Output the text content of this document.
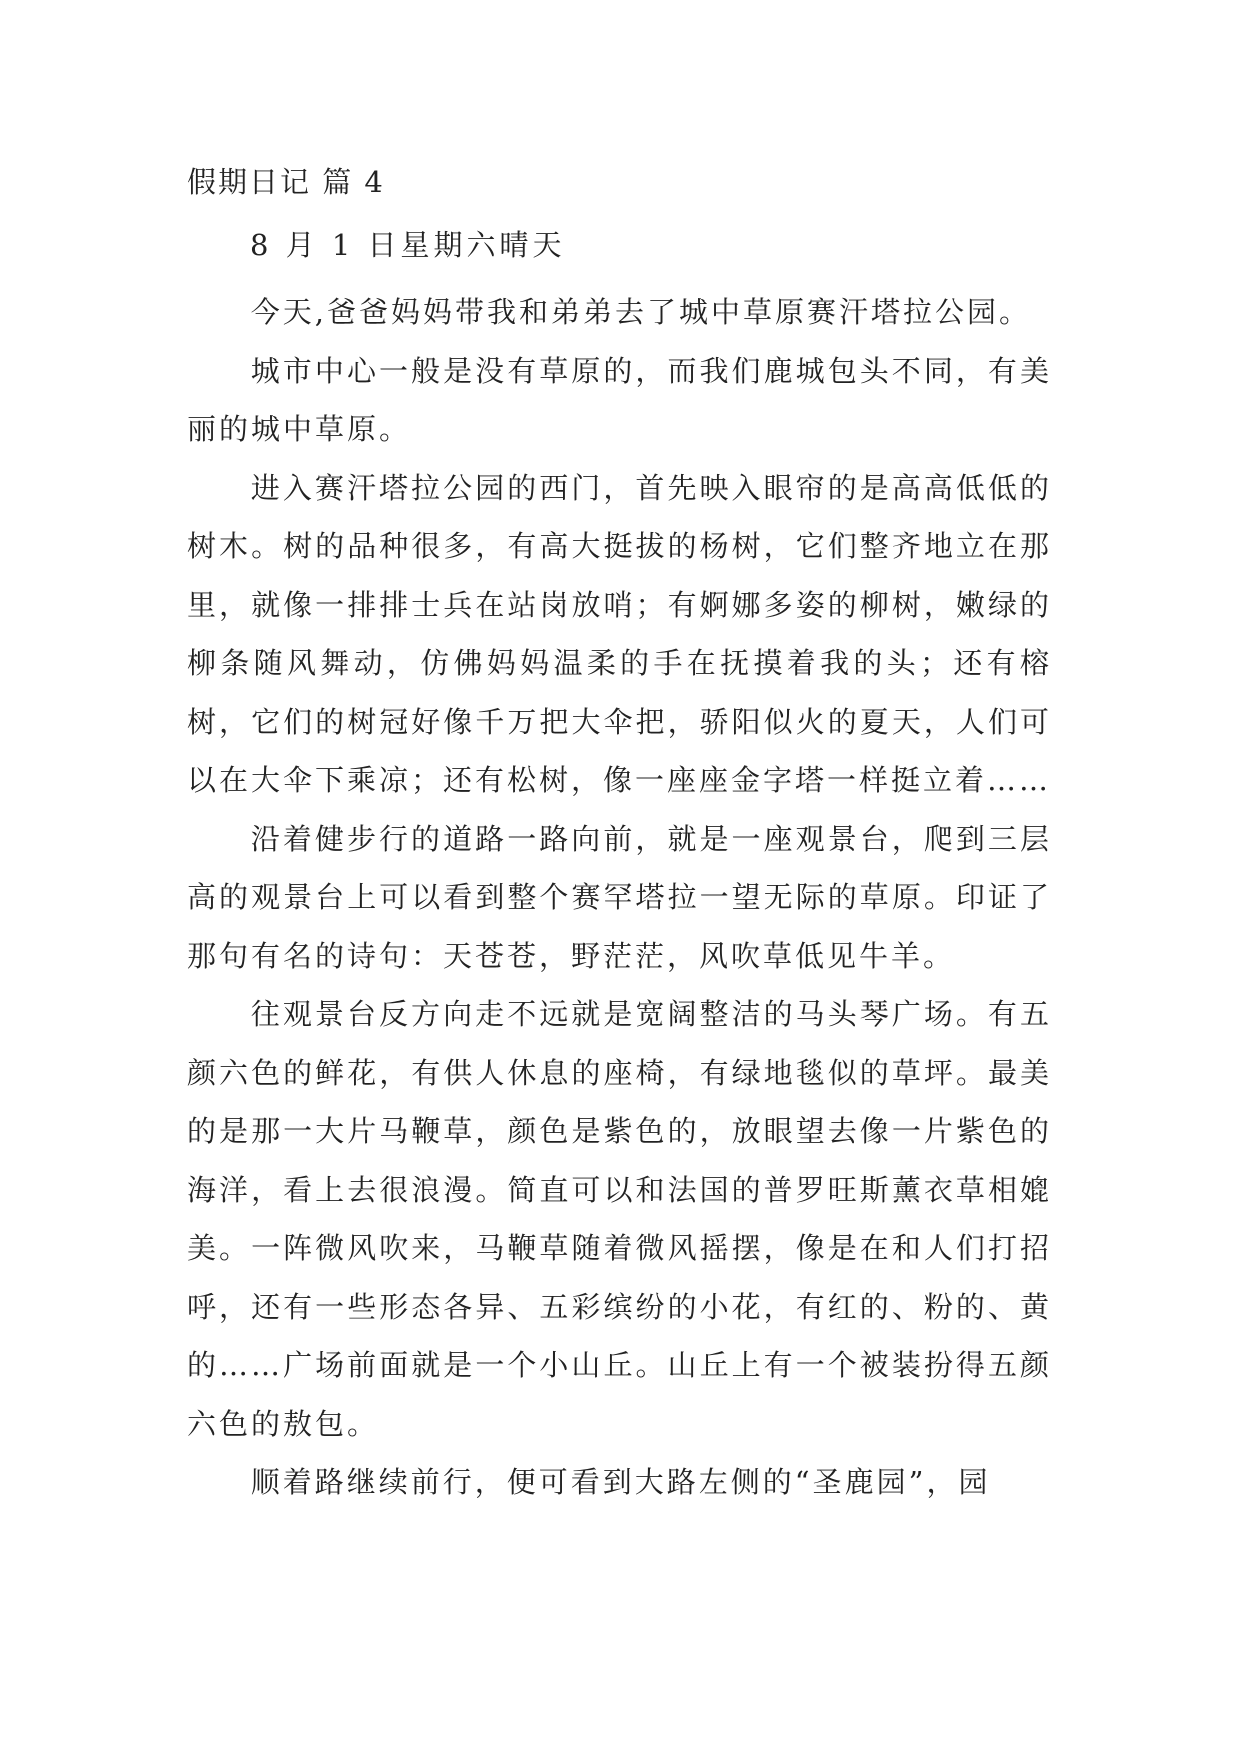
假期日记 篇 4
8 月 1 日星期六晴天

今天,爸爸妈妈带我和弟弟去了城中草原赛汗塔拉公园。

城市中心一般是没有草原的，而我们鹿城包头不同，有美丽的城中草原。

进入赛汗塔拉公园的西门，首先映入眼帘的是高高低低的树木。树的品种很多，有高大挺拔的杨树，它们整齐地立在那里，就像一排排士兵在站岗放哨；有婀娜多姿的柳树，嫩绿的柳条随风舞动，仿佛妈妈温柔的手在抚摸着我的头；还有榕树，它们的树冠好像千万把大伞把，骄阳似火的夏天，人们可以在大伞下乘凉；还有松树，像一座座金字塔一样挺立着……

沿着健步行的道路一路向前，就是一座观景台，爬到三层高的观景台上可以看到整个赛罕塔拉一望无际的草原。印证了那句有名的诗句：天苍苍，野茫茫，风吹草低见牛羊。

往观景台反方向走不远就是宽阔整洁的马头琴广场。有五颜六色的鲜花，有供人休息的座椅，有绿地毯似的草坪。最美的是那一大片马鞭草，颜色是紫色的，放眼望去像一片紫色的海洋，看上去很浪漫。简直可以和法国的普罗旺斯薰衣草相媲美。一阵微风吹来，马鞭草随着微风摇摆，像是在和人们打招呼，还有一些形态各异、五彩缤纷的小花，有红的、粉的、黄的……广场前面就是一个小山丘。山丘上有一个被装扮得五颜六色的敖包。

顺着路继续前行，便可看到大路左侧的“圣鹿园”，园
